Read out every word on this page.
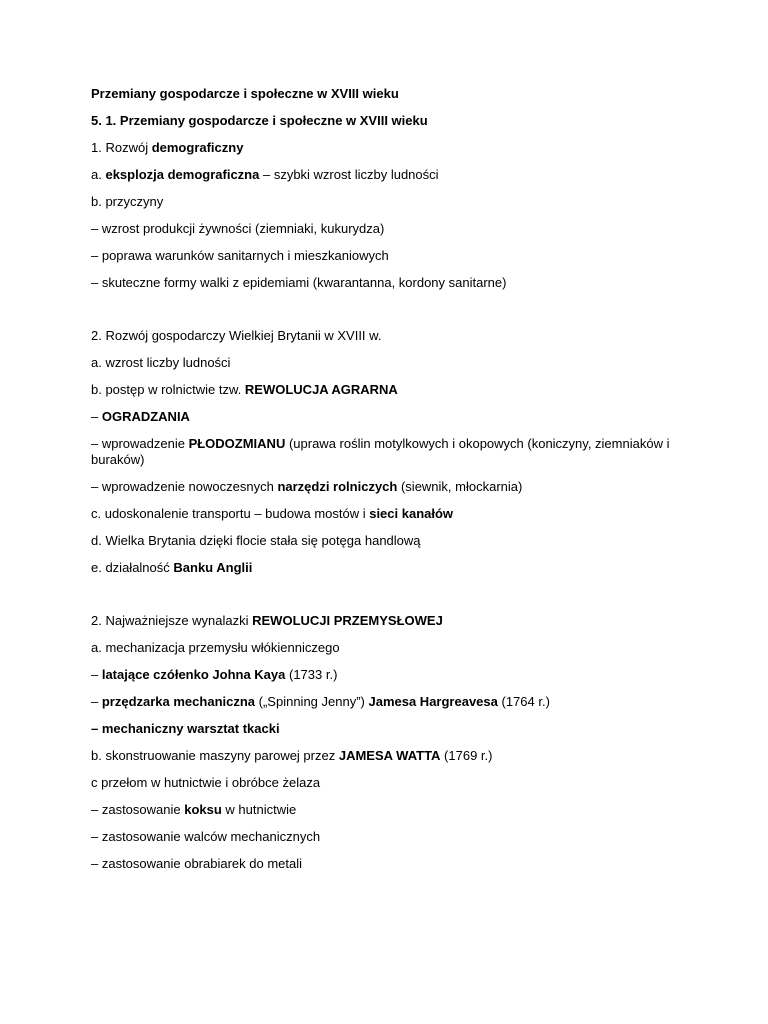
Przemiany gospodarcze i społeczne w XVIII wieku
5. 1. Przemiany gospodarcze i społeczne w XVIII wieku
1. Rozwój demograficzny
a. eksplozja demograficzna – szybki wzrost liczby ludności
b. przyczyny
– wzrost produkcji żywności (ziemniaki, kukurydza)
– poprawa warunków sanitarnych i mieszkaniowych
– skuteczne formy walki z epidemiami (kwarantanna, kordony sanitarne)
2. Rozwój gospodarczy Wielkiej Brytanii w XVIII w.
a. wzrost liczby ludności
b. postęp w rolnictwie tzw. REWOLUCJA AGRARNA
– OGRADZANIA
– wprowadzenie PŁODOZMIANU (uprawa roślin motylkowych i okopowych (koniczyny, ziemniaków i buraków)
– wprowadzenie nowoczesnych narzędzi rolniczych (siewnik, młockarnia)
c. udoskonalenie transportu – budowa mostów i sieci kanałów
d. Wielka Brytania dzięki flocie stała się potęga handlową
e. działalność Banku Anglii
2. Najważniejsze wynalazki REWOLUCJI PRZEMYSŁOWEJ
a. mechanizacja przemysłu włókienniczego
– latające czółenko Johna Kaya (1733 r.)
– przędzarka mechaniczna („Spinning Jenny”) Jamesa Hargreavesa (1764 r.)
– mechaniczny warsztat tkacki
b. skonstruowanie maszyny parowej przez JAMESA WATTA (1769 r.)
c przełom w hutnictwie i obróbce żelaza
– zastosowanie koksu w hutnictwie
– zastosowanie walców mechanicznych
– zastosowanie obrabiarek do metali
